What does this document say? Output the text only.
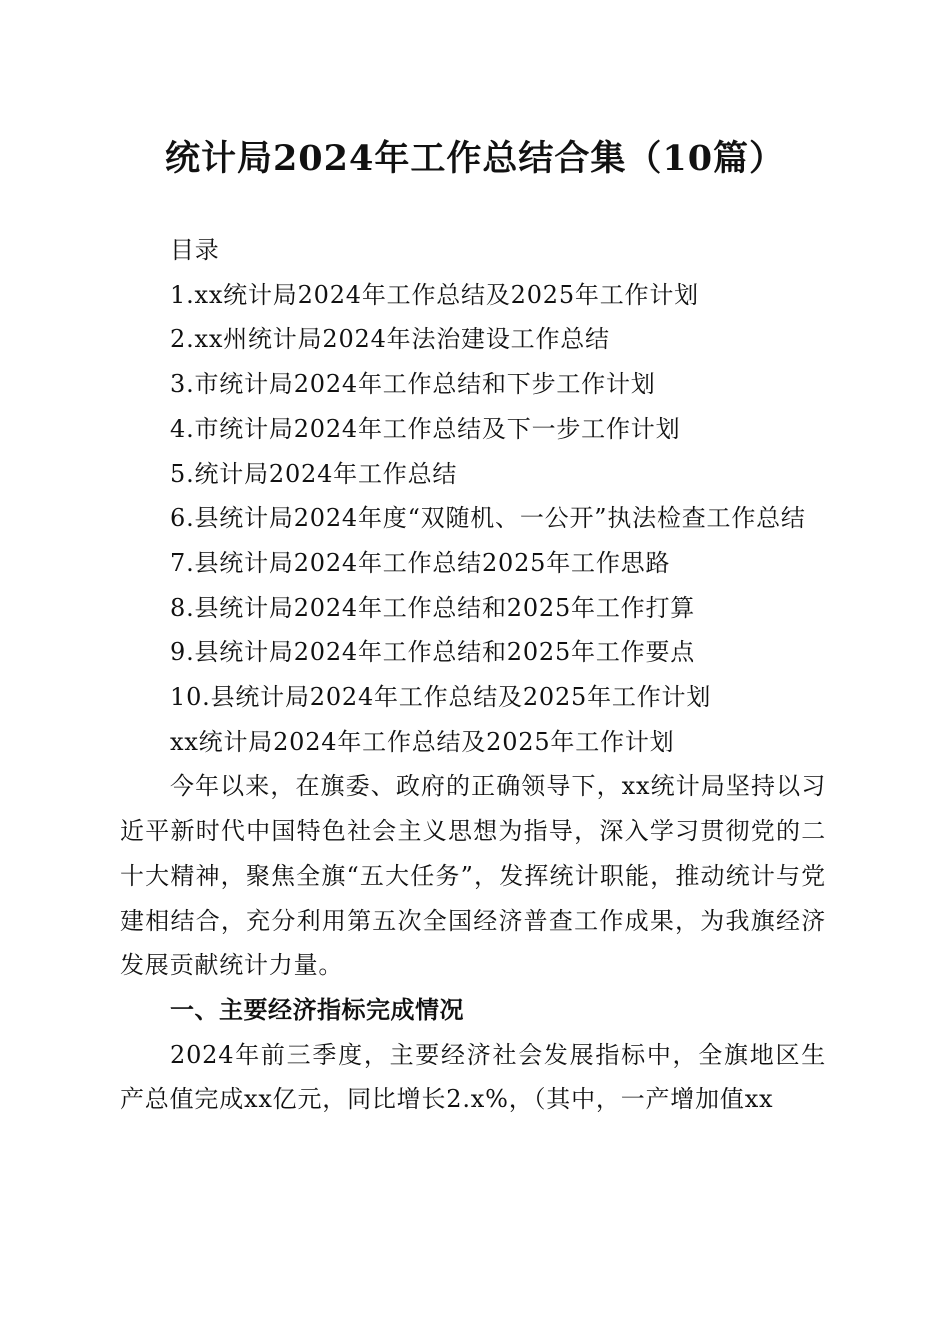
统计局2024年工作总结合集（10篇）

目录

1.xx统计局2024年工作总结及2025年工作计划

2.xx州统计局2024年法治建设工作总结

3.市统计局2024年工作总结和下步工作计划

4.市统计局2024年工作总结及下一步工作计划

5.统计局2024年工作总结

6.县统计局2024年度“双随机、一公开”执法检查工作总结

7.县统计局2024年工作总结2025年工作思路

8.县统计局2024年工作总结和2025年工作打算

9.县统计局2024年工作总结和2025年工作要点

10.县统计局2024年工作总结及2025年工作计划

xx统计局2024年工作总结及2025年工作计划

今年以来，在旗委、政府的正确领导下，xx统计局坚持以习近平新时代中国特色社会主义思想为指导，深入学习贯彻党的二十大精神，聚焦全旗“五大任务”，发挥统计职能，推动统计与党建相结合，充分利用第五次全国经济普查工作成果，为我旗经济发展贡献统计力量。

一、主要经济指标完成情况

2024年前三季度，主要经济社会发展指标中，全旗地区生产总值完成xx亿元，同比增长2.x%，（其中，一产增加值xx
